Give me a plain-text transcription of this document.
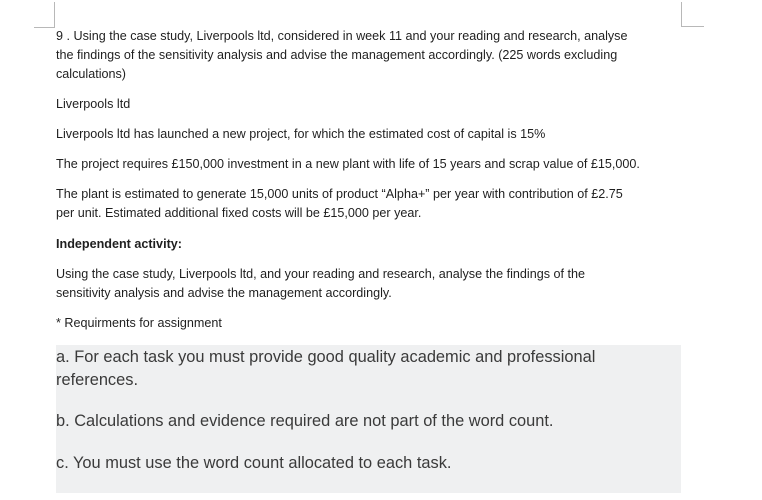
9 . Using the case study, Liverpools ltd, considered in week 11 and your reading and research, analyse
the findings of the sensitivity analysis and advise the management accordingly. (225 words excluding
calculations)

Liverpools ltd

Liverpools ltd has launched a new project, for which the estimated cost of capital is 15%

The project requires £150,000 investment in a new plant with life of 15 years and scrap value of £15,000.

The plant is estimated to generate 15,000 units of product “Alpha+” per year with contribution of £2.75
per unit. Estimated additional fixed costs will be £15,000 per year.

Independent activity:

Using the case study, Liverpools ltd, and your reading and research, analyse the findings of the
sensitivity analysis and advise the management accordingly.

* Requirments for assignment

a. For each task you must provide good quality academic and professional
references.

b. Calculations and evidence required are not part of the word count.

c. You must use the word count allocated to each task.
